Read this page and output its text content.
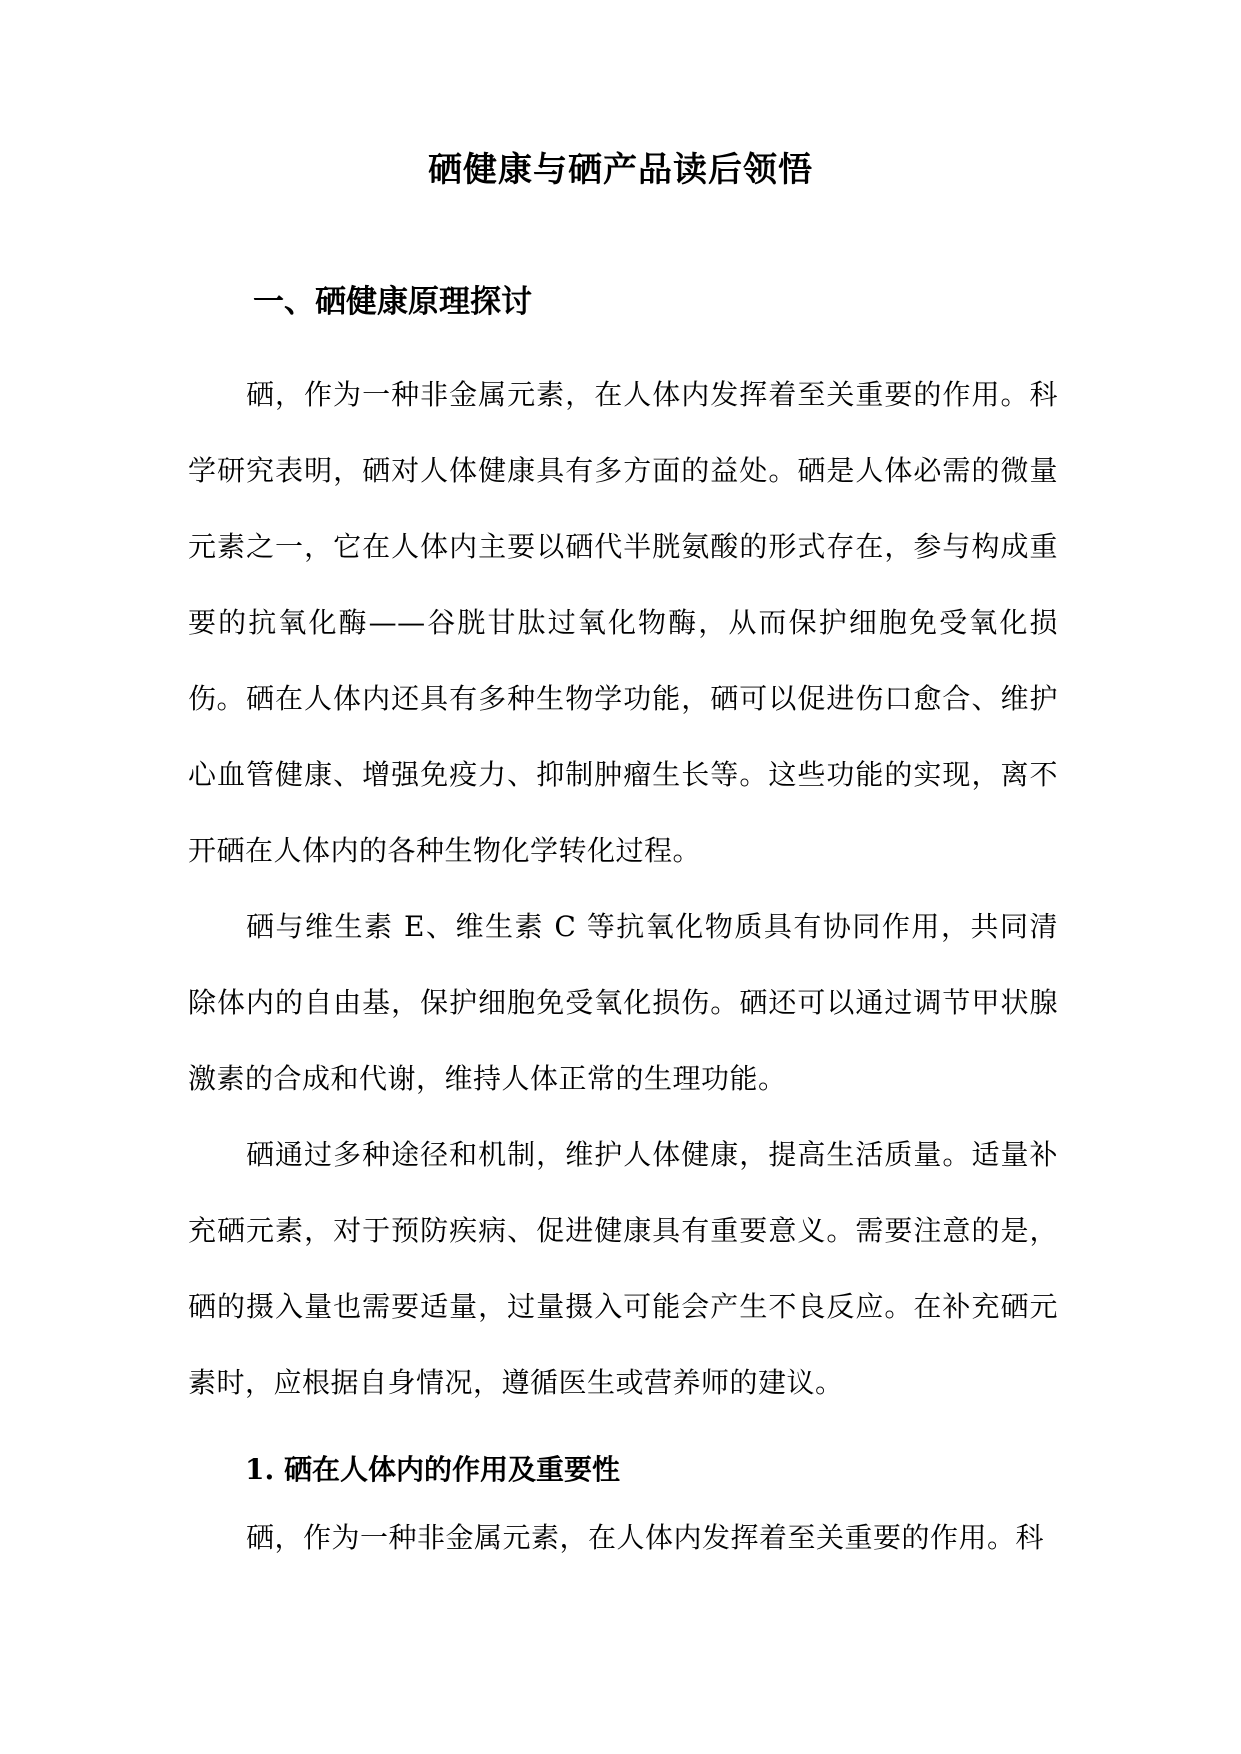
硒健康与硒产品读后领悟
一、硒健康原理探讨

硒，作为一种非金属元素，在人体内发挥着至关重要的作用。科学研究表明，硒对人体健康具有多方面的益处。硒是人体必需的微量元素之一，它在人体内主要以硒代半胱氨酸的形式存在，参与构成重要的抗氧化酶——谷胱甘肽过氧化物酶，从而保护细胞免受氧化损伤。 硒在人体内还具有多种生物学功能，硒可以促进伤口愈合、维护心血管健康、增强免疫力、抑制肿瘤生长等。这些功能的实现，离不开硒在人体内的各种生物化学转化过程。

硒与维生素 E、维生素 C 等抗氧化物质具有协同作用，共同清除体内的自由基，保护细胞免受氧化损伤。硒还可以通过调节甲状腺激素的合成和代谢，维持人体正常的生理功能。

硒通过多种途径和机制，维护人体健康，提高生活质量。适量补充硒元素，对于预防疾病、促进健康具有重要意义。需要注意的是，硒的摄入量也需要适量，过量摄入可能会产生不良反应。在补充硒元素时，应根据自身情况，遵循医生或营养师的建议。

1. 硒在人体内的作用及重要性

硒，作为一种非金属元素，在人体内发挥着至关重要的作用。科
